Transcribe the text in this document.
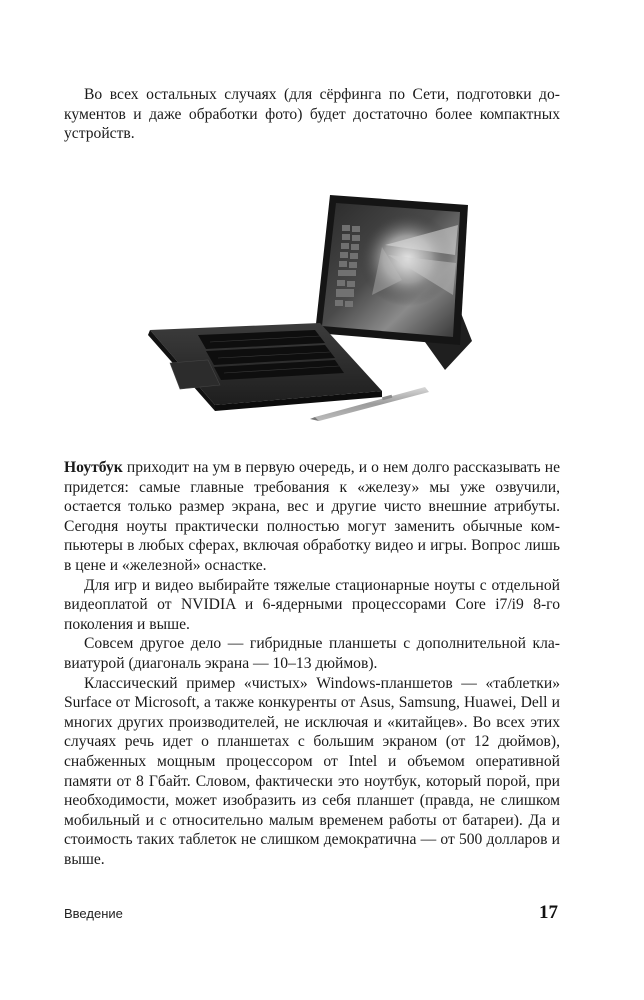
Во всех остальных случаях (для сёрфинга по Сети, подготовки документов и даже обработки фото) будет достаточно более компактных устройств.

Ноутбук приходит на ум в первую очередь, и о нем долго рассказывать не придется: самые главные требования к «железу» мы уже озвучили, остается только размер экрана, вес и другие чисто внешние атрибуты. Сегодня ноуты практически полностью могут заменить обычные компьютеры в любых сферах, включая обработку видео и игры. Вопрос лишь в цене и «железной» оснастке.

Для игр и видео выбирайте тяжелые стационарные ноуты с отдельной видеоплатой от NVIDIA и 6-ядерными процессорами Core i7/i9 8-го поколения и выше.

Совсем другое дело — гибридные планшеты с дополнительной клавиатурой (диагональ экрана — 10–13 дюймов).

Классический пример «чистых» Windows-планшетов — «таблетки» Surface от Microsoft, а также конкуренты от Asus, Samsung, Huawei, Dell и многих других производителей, не исключая и «китайцев». Во всех этих случаях речь идет о планшетах с большим экраном (от 12 дюймов), снабженных мощным процессором от Intel и объемом оперативной памяти от 8 Гбайт. Словом, фактически это ноутбук, который порой, при необходимости, может изобразить из себя планшет (правда, не слишком мобильный и с относительно малым временем работы от батареи). Да и стоимость таких таблеток не слишком демократична — от 500 долларов и выше.

Введение	17
